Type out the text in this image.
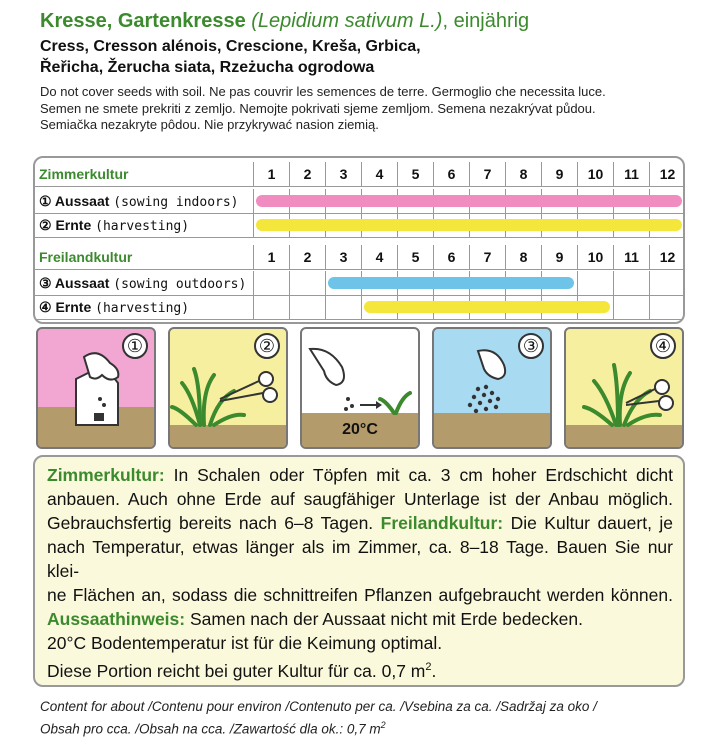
Kresse, Gartenkresse (Lepidium sativum L.), einjährig
Cress, Cresson alénois, Crescione, Kreša, Grbica,
Řeřicha, Žerucha siata, Rzeżucha ogrodowa
Do not cover seeds with soil. Ne pas couvrir les semences de terre. Germoglio che necessita luce.
Semen ne smete prekriti z zemljo. Nemojte pokrivati sjeme zemljom. Semena nezakrývat půdou.
Semiačka nezakryte pôdou. Nie przykrywać nasion ziemią.
Zimmerkultur	1	2	3	4	5	6	7	8	9	10	11	12
① Aussaat (sowing indoors)
② Ernte (harvesting)
Freilandkultur	1	2	3	4	5	6	7	8	9	10	11	12
③ Aussaat (sowing outdoors)
④ Ernte (harvesting)
①	②
20°C
③	④
Zimmerkultur: In Schalen oder Töpfen mit ca. 3 cm hoher Erdschicht dicht
anbauen. Auch ohne Erde auf saugfähiger Unterlage ist der Anbau möglich.
Gebrauchsfertig bereits nach 6–8 Tagen. Freilandkultur: Die Kultur dauert, je
nach Temperatur, etwas länger als im Zimmer, ca. 8–18 Tage. Bauen Sie nur klei-
ne Flächen an, sodass die schnittreifen Pflanzen aufgebraucht werden können.
Aussaathinweis: Samen nach der Aussaat nicht mit Erde bedecken.
20°C Bodentemperatur ist für die Keimung optimal.
Diese Portion reicht bei guter Kultur für ca. 0,7 $m^2$.
Content for about /Contenu pour environ /Contenuto per ca. /Vsebina za ca. /Sadržaj za oko /
Obsah pro cca. /Obsah na cca. /Zawartość dla ok.: 0,7 $m^2$
